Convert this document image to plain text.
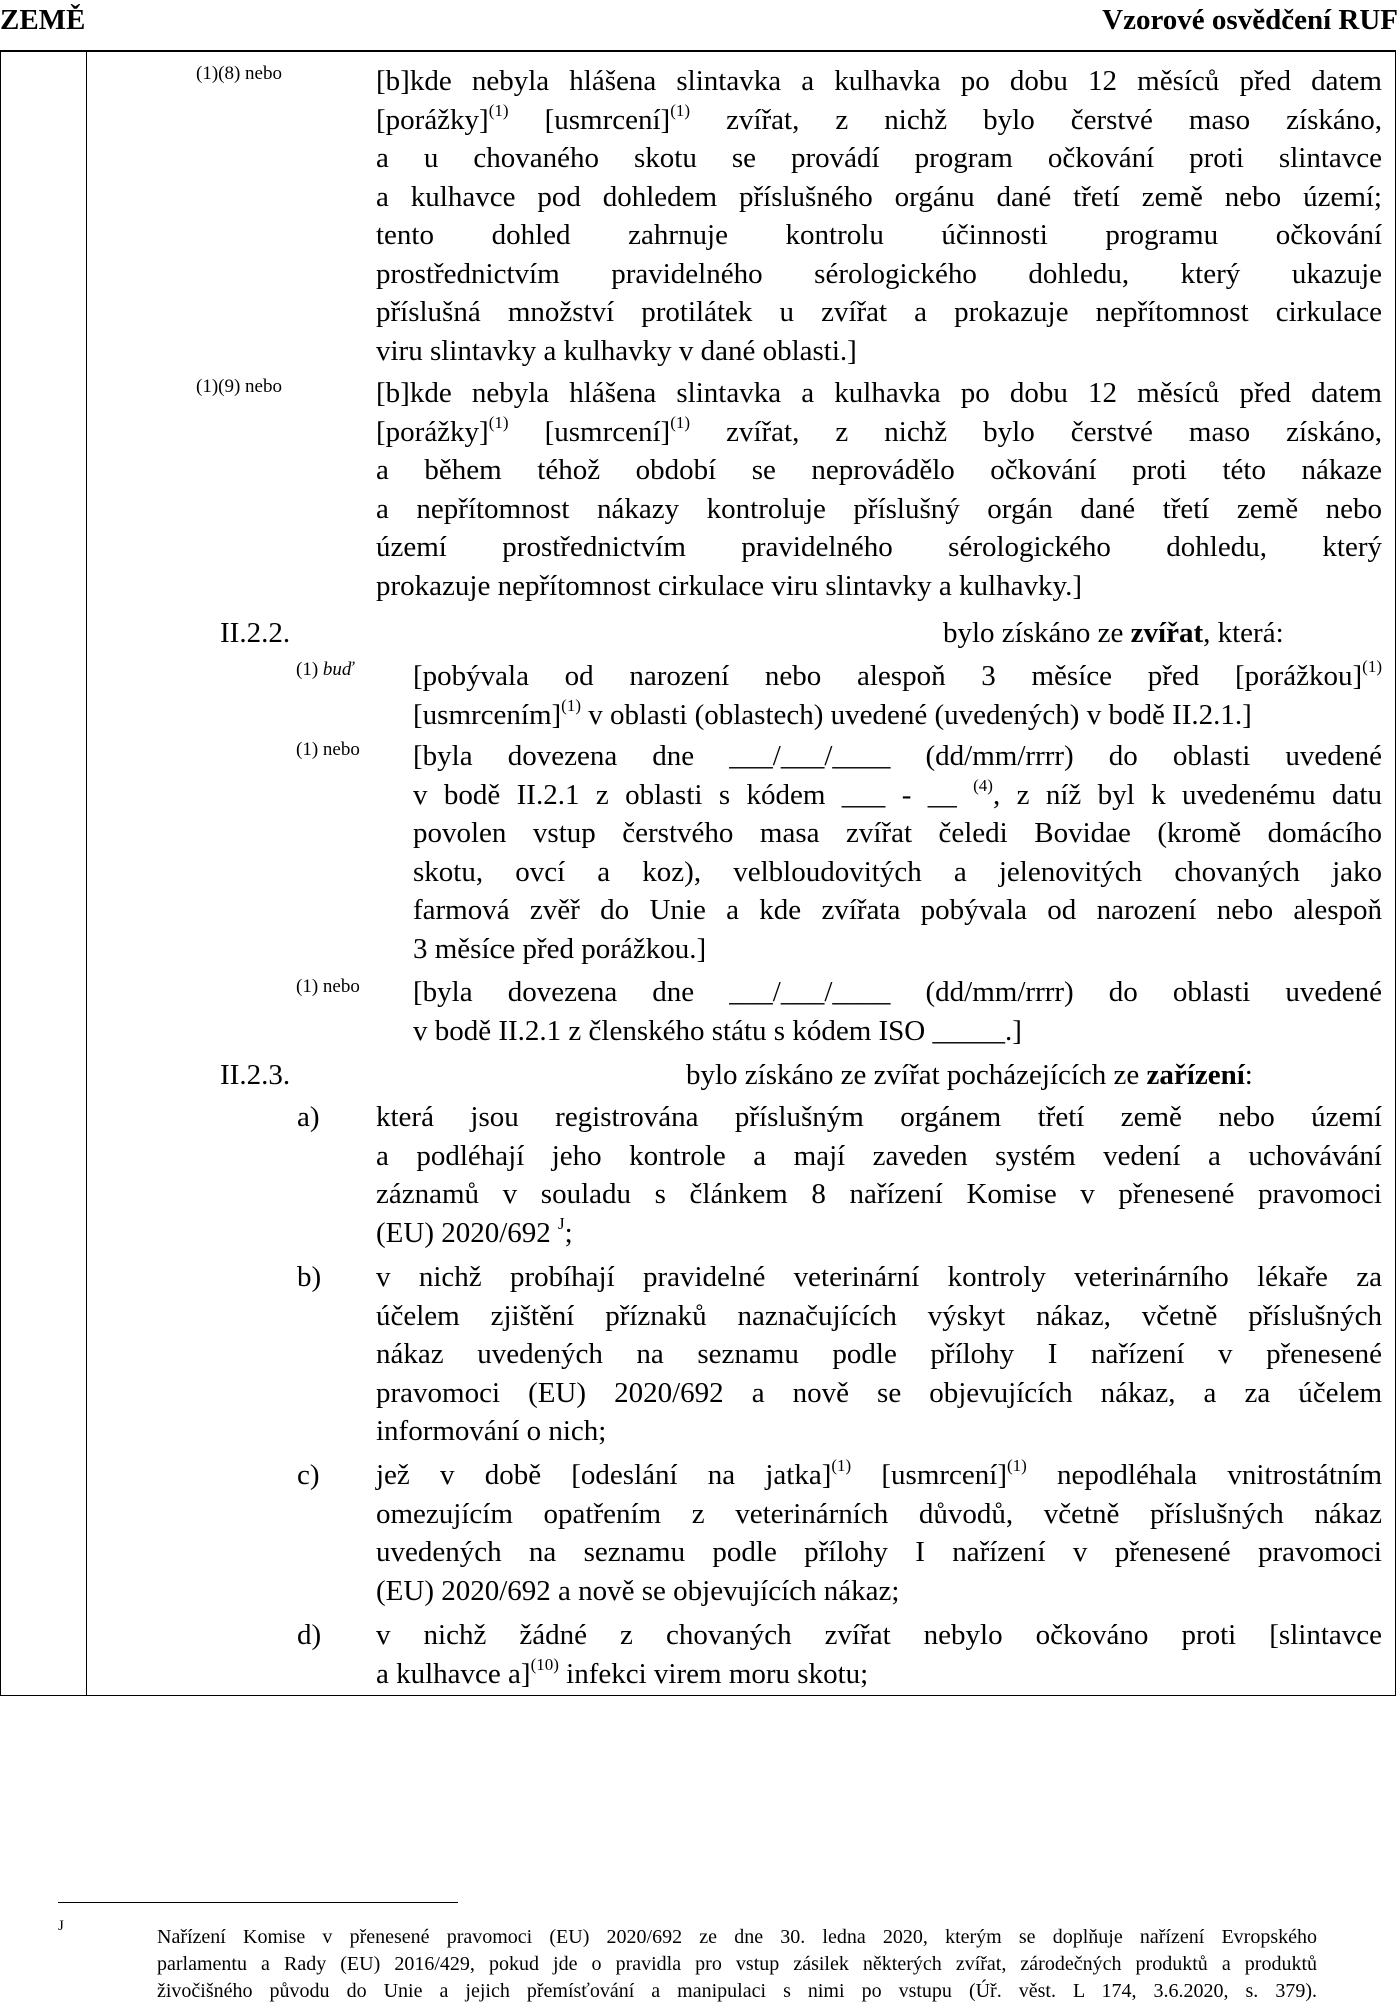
ZEMĚ	Vzorové osvědčení RUF
(1)(8) nebo	[b]kde nebyla hlášena slintavka a kulhavka po dobu 12 měsíců před datem
[porážky]$^{(1)}$ [usmrcení]$^{(1)}$ zvířat, z nichž bylo čerstvé maso získáno,
a u chovaného skotu se provádí program očkování proti slintavce
a kulhavce pod dohledem příslušného orgánu dané třetí země nebo území;
tento dohled zahrnuje kontrolu účinnosti programu očkování
prostřednictvím pravidelného sérologického dohledu, který ukazuje
příslušná množství protilátek u zvířat a prokazuje nepřítomnost cirkulace
viru slintavky a kulhavky v dané oblasti.]
(1)(9) nebo	[b]kde nebyla hlášena slintavka a kulhavka po dobu 12 měsíců před datem
[porážky]$^{(1)}$ [usmrcení]$^{(1)}$ zvířat, z nichž bylo čerstvé maso získáno,
a během téhož období se neprovádělo očkování proti této nákaze
a nepřítomnost nákazy kontroluje příslušný orgán dané třetí země nebo
území prostřednictvím pravidelného sérologického dohledu, který
prokazuje nepřítomnost cirkulace viru slintavky a kulhavky.]
II.2.2.	bylo získáno ze zvířat, která:
(1) buď [pobývala od narození nebo alespoň 3 měsíce před [porážkou]$^{(1)}$
[usmrcením]$^{(1)}$ v oblasti (oblastech) uvedené (uvedených) v bodě II.2.1.]
(1) nebo [byla dovezena dne ___/___/____ (dd/mm/rrrr) do oblasti uvedené
v bodě II.2.1 z oblasti s kódem ___ - __ $^{(4)}$, z níž byl k uvedenému datu
povolen vstup čerstvého masa zvířat čeledi Bovidae (kromě domácího
skotu, ovcí a koz), velbloudovitých a jelenovitých chovaných jako
farmová zvěř do Unie a kde zvířata pobývala od narození nebo alespoň
3 měsíce před porážkou.]
(1) nebo [byla dovezena dne ___/___/____ (dd/mm/rrrr) do oblasti uvedené
v bodě II.2.1 z členského státu s kódem ISO _____.]
II.2.3.	bylo získáno ze zvířat pocházejících ze zařízení:
a) která jsou registrována příslušným orgánem třetí země nebo území
a podléhají jeho kontrole a mají zaveden systém vedení a uchovávání
záznamů v souladu s článkem 8 nařízení Komise v přenesené pravomoci
(EU) 2020/692 $^J$;
b) v nichž probíhají pravidelné veterinární kontroly veterinárního lékaře za
účelem zjištění příznaků naznačujících výskyt nákaz, včetně příslušných
nákaz uvedených na seznamu podle přílohy I nařízení v přenesené
pravomoci (EU) 2020/692 a nově se objevujících nákaz, a za účelem
informování o nich;
c) jež v době [odeslání na jatka]$^{(1)}$ [usmrcení]$^{(1)}$ nepodléhala vnitrostátním
omezujícím opatřením z veterinárních důvodů, včetně příslušných nákaz
uvedených na seznamu podle přílohy I nařízení v přenesené pravomoci
(EU) 2020/692 a nově se objevujících nákaz;
d) v nichž žádné z chovaných zvířat nebylo očkováno proti [slintavce
a kulhavce a]$^{(10)}$ infekci virem moru skotu;
J	Nařízení Komise v přenesené pravomoci (EU) 2020/692 ze dne 30. ledna 2020, kterým se doplňuje nařízení Evropského
parlamentu a Rady (EU) 2016/429, pokud jde o pravidla pro vstup zásilek některých zvířat, zárodečných produktů a produktů
živočišného původu do Unie a jejich přemísťování a manipulaci s nimi po vstupu (Úř. věst. L 174, 3.6.2020, s. 379).
